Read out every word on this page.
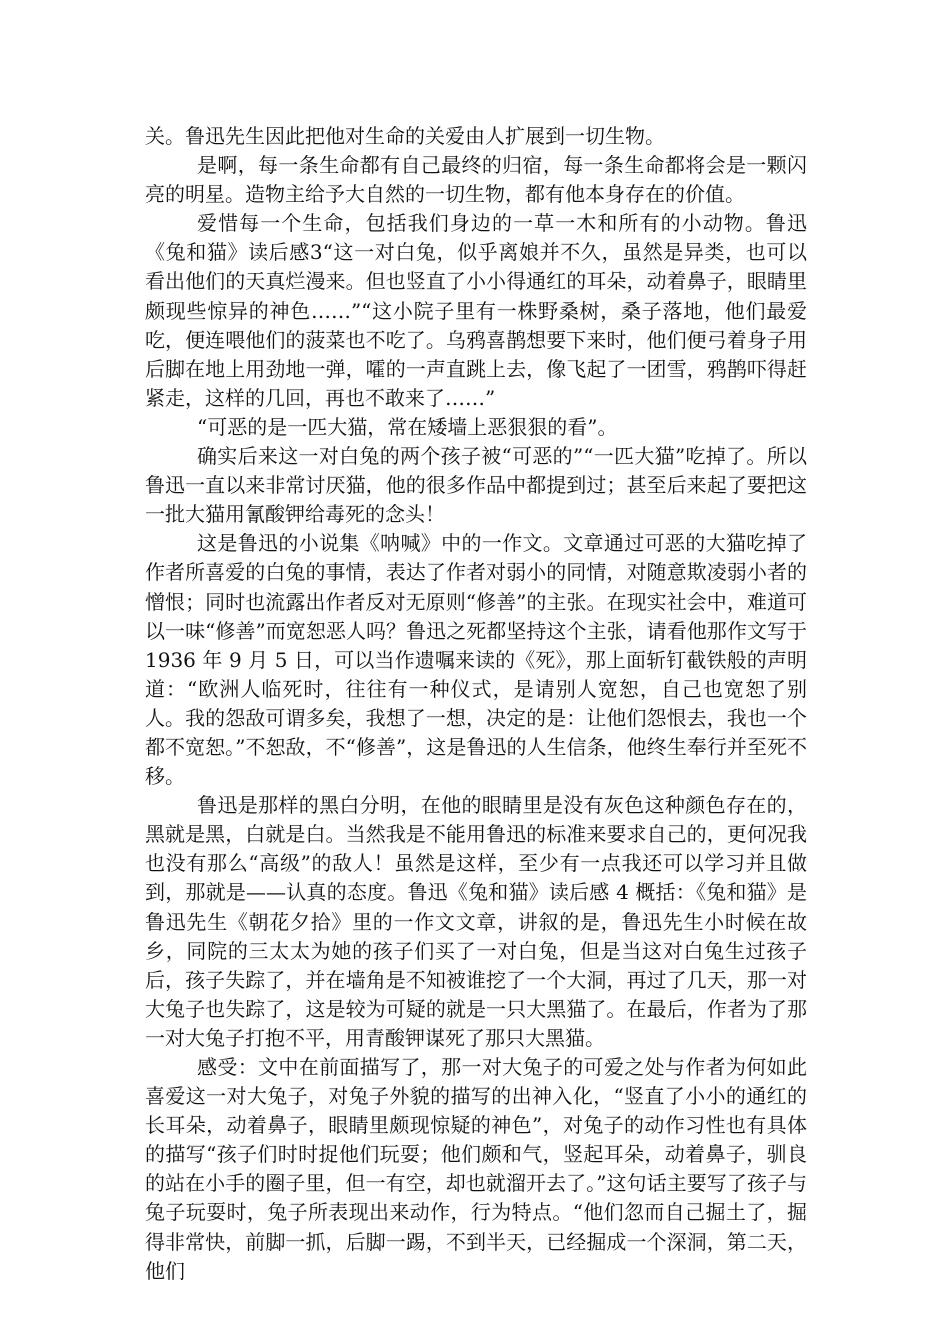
关。鲁迅先生因此把他对生命的关爱由人扩展到一切生物。

是啊，每一条生命都有自己最终的归宿，每一条生命都将会是一颗闪亮的明星。造物主给予大自然的一切生物，都有他本身存在的价值。

爱惜每一个生命，包括我们身边的一草一木和所有的小动物。鲁迅《兔和猫》读后感3“这一对白兔，似乎离娘并不久，虽然是异类，也可以看出他们的天真烂漫来。但也竖直了小小得通红的耳朵，动着鼻子，眼睛里颇现些惊异的神色……”“这小院子里有一株野桑树，桑子落地，他们最爱吃，便连喂他们的菠菜也不吃了。乌鸦喜鹊想要下来时，他们便弓着身子用后脚在地上用劲地一弹，嚯的一声直跳上去，像飞起了一团雪，鸦鹊吓得赶紧走，这样的几回，再也不敢来了……”

“可恶的是一匹大猫，常在矮墙上恶狠狠的看”。

确实后来这一对白兔的两个孩子被“可恶的”“一匹大猫”吃掉了。所以鲁迅一直以来非常讨厌猫，他的很多作品中都提到过；甚至后来起了要把这一批大猫用氰酸钾给毒死的念头！

这是鲁迅的小说集《呐喊》中的一作文。文章通过可恶的大猫吃掉了作者所喜爱的白兔的事情，表达了作者对弱小的同情，对随意欺凌弱小者的憎恨；同时也流露出作者反对无原则“修善”的主张。在现实社会中，难道可以一味“修善”而宽恕恶人吗？鲁迅之死都坚持这个主张，请看他那作文写于 1936 年 9 月 5 日，可以当作遗嘱来读的《死》，那上面斩钉截铁般的声明道：“欧洲人临死时，往往有一种仪式，是请别人宽恕，自己也宽恕了别人。我的怨敌可谓多矣，我想了一想，决定的是：让他们怨恨去，我也一个都不宽恕。”不恕敌，不“修善”，这是鲁迅的人生信条，他终生奉行并至死不移。

鲁迅是那样的黑白分明，在他的眼睛里是没有灰色这种颜色存在的，黑就是黑，白就是白。当然我是不能用鲁迅的标准来要求自己的，更何况我也没有那么“高级”的敌人！虽然是这样，至少有一点我还可以学习并且做到，那就是——认真的态度。鲁迅《兔和猫》读后感 4 概括：《兔和猫》是鲁迅先生《朝花夕拾》里的一作文文章，讲叙的是，鲁迅先生小时候在故乡，同院的三太太为她的孩子们买了一对白兔，但是当这对白兔生过孩子后，孩子失踪了，并在墙角是不知被谁挖了一个大洞，再过了几天，那一对大兔子也失踪了，这是较为可疑的就是一只大黑猫了。在最后，作者为了那一对大兔子打抱不平，用青酸钾谋死了那只大黑猫。

感受：文中在前面描写了，那一对大兔子的可爱之处与作者为何如此喜爱这一对大兔子，对兔子外貌的描写的出神入化，“竖直了小小的通红的长耳朵，动着鼻子，眼睛里颇现惊疑的神色”，对兔子的动作习性也有具体的描写“孩子们时时捉他们玩耍；他们颇和气，竖起耳朵，动着鼻子，驯良的站在小手的圈子里，但一有空，却也就溜开去了。”这句话主要写了孩子与兔子玩耍时，兔子所表现出来动作，行为特点。“他们忽而自己掘土了，掘得非常快，前脚一抓，后脚一踢，不到半天，已经掘成一个深洞，第二天，他们
